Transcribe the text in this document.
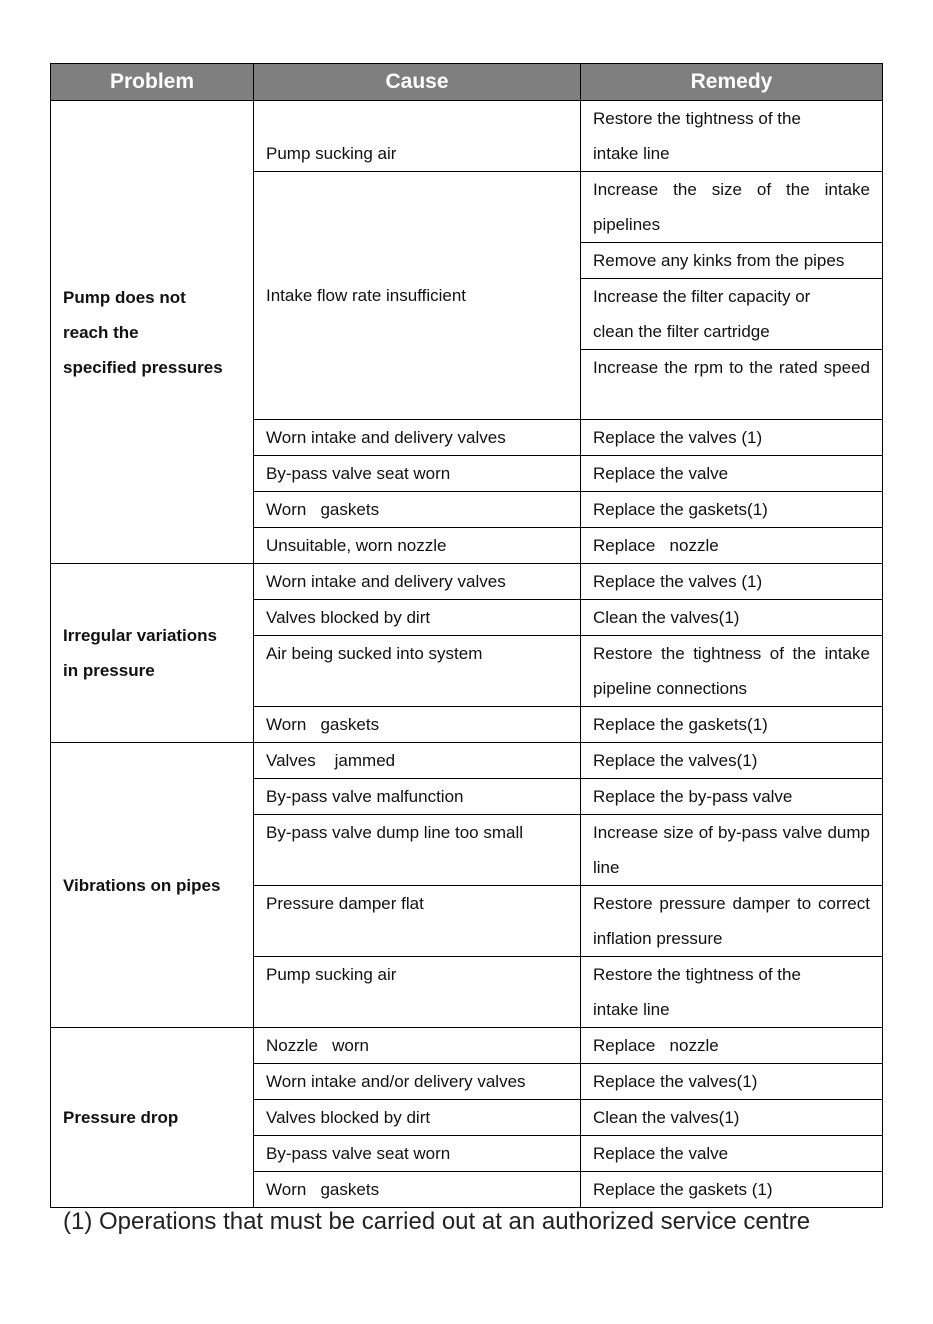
Problem	Cause	Remedy
Pump does not
reach the
specified pressures	Pump sucking air	Restore the tightness of the
intake line
	Intake flow rate insufficient	Increase the size of the intake pipelines
		Remove any kinks from the pipes
		Increase the filter capacity or
clean the filter cartridge
		Increase the rpm to the rated speed
	Worn intake and delivery valves	Replace the valves (1)
	By-pass valve seat worn	Replace the valve
	Worn   gaskets	Replace the gaskets(1)
	Unsuitable, worn nozzle	Replace   nozzle
Irregular variations
in pressure	Worn intake and delivery valves	Replace the valves (1)
	Valves blocked by dirt	Clean the valves(1)
	Air being sucked into system	Restore the tightness of the intake pipeline connections
	Worn   gaskets	Replace the gaskets(1)
Vibrations on pipes	Valves    jammed	Replace the valves(1)
	By-pass valve malfunction	Replace the by-pass valve
	By-pass valve dump line too small	Increase size of by-pass valve dump line
	Pressure damper flat	Restore pressure damper to correct inflation pressure
	Pump sucking air	Restore the tightness of the
intake line
Pressure drop	Nozzle   worn	Replace   nozzle
	Worn intake and/or delivery valves	Replace the valves(1)
	Valves blocked by dirt	Clean the valves(1)
	By-pass valve seat worn	Replace the valve
	Worn   gaskets	Replace the gaskets (1)
(1) Operations that must be carried out at an authorized service centre
